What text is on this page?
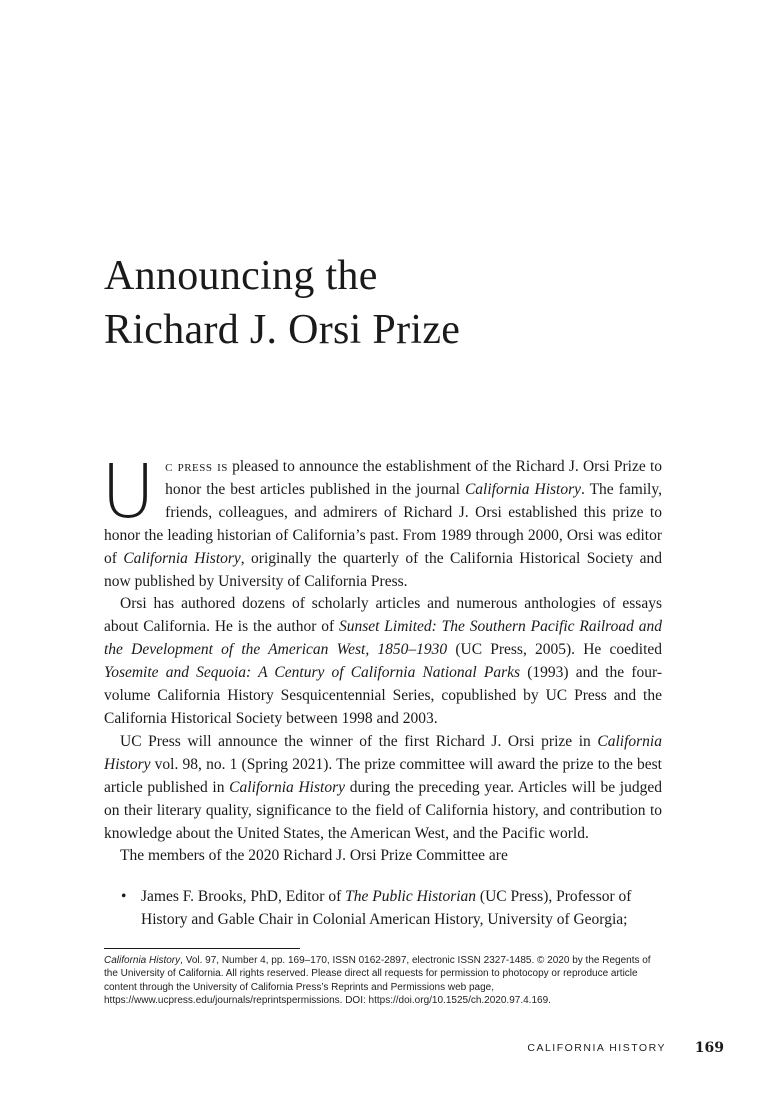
Announcing the
Richard J. Orsi Prize

Uc press is pleased to announce the establishment of the Richard J. Orsi Prize to honor the best articles published in the journal California History. The family, friends, colleagues, and admirers of Richard J. Orsi established this prize to honor the leading historian of California’s past. From 1989 through 2000, Orsi was editor of California History, originally the quarterly of the California Historical Society and now published by University of California Press.

Orsi has authored dozens of scholarly articles and numerous anthologies of essays about California. He is the author of Sunset Limited: The Southern Pacific Railroad and the Development of the American West, 1850–1930 (UC Press, 2005). He coedited Yosemite and Sequoia: A Century of California National Parks (1993) and the four-volume California History Sesquicentennial Series, copublished by UC Press and the California Historical Society between 1998 and 2003.

UC Press will announce the winner of the first Richard J. Orsi prize in California History vol. 98, no. 1 (Spring 2021). The prize committee will award the prize to the best article published in California History during the preceding year. Articles will be judged on their literary quality, significance to the field of California history, and contribution to knowledge about the United States, the American West, and the Pacific world.

The members of the 2020 Richard J. Orsi Prize Committee are

• James F. Brooks, PhD, Editor of The Public Historian (UC Press), Professor of History and Gable Chair in Colonial American History, University of Georgia;
California History, Vol. 97, Number 4, pp. 169–170, ISSN 0162-2897, electronic ISSN 2327-1485. © 2020 by the Regents of the University of California. All rights reserved. Please direct all requests for permission to photocopy or reproduce article content through the University of California Press’s Reprints and Permissions web page, https://www.ucpress.edu/journals/reprintspermissions. DOI: https://doi.org/10.1525/ch.2020.97.4.169.
CALIFORNIA HISTORY 169
